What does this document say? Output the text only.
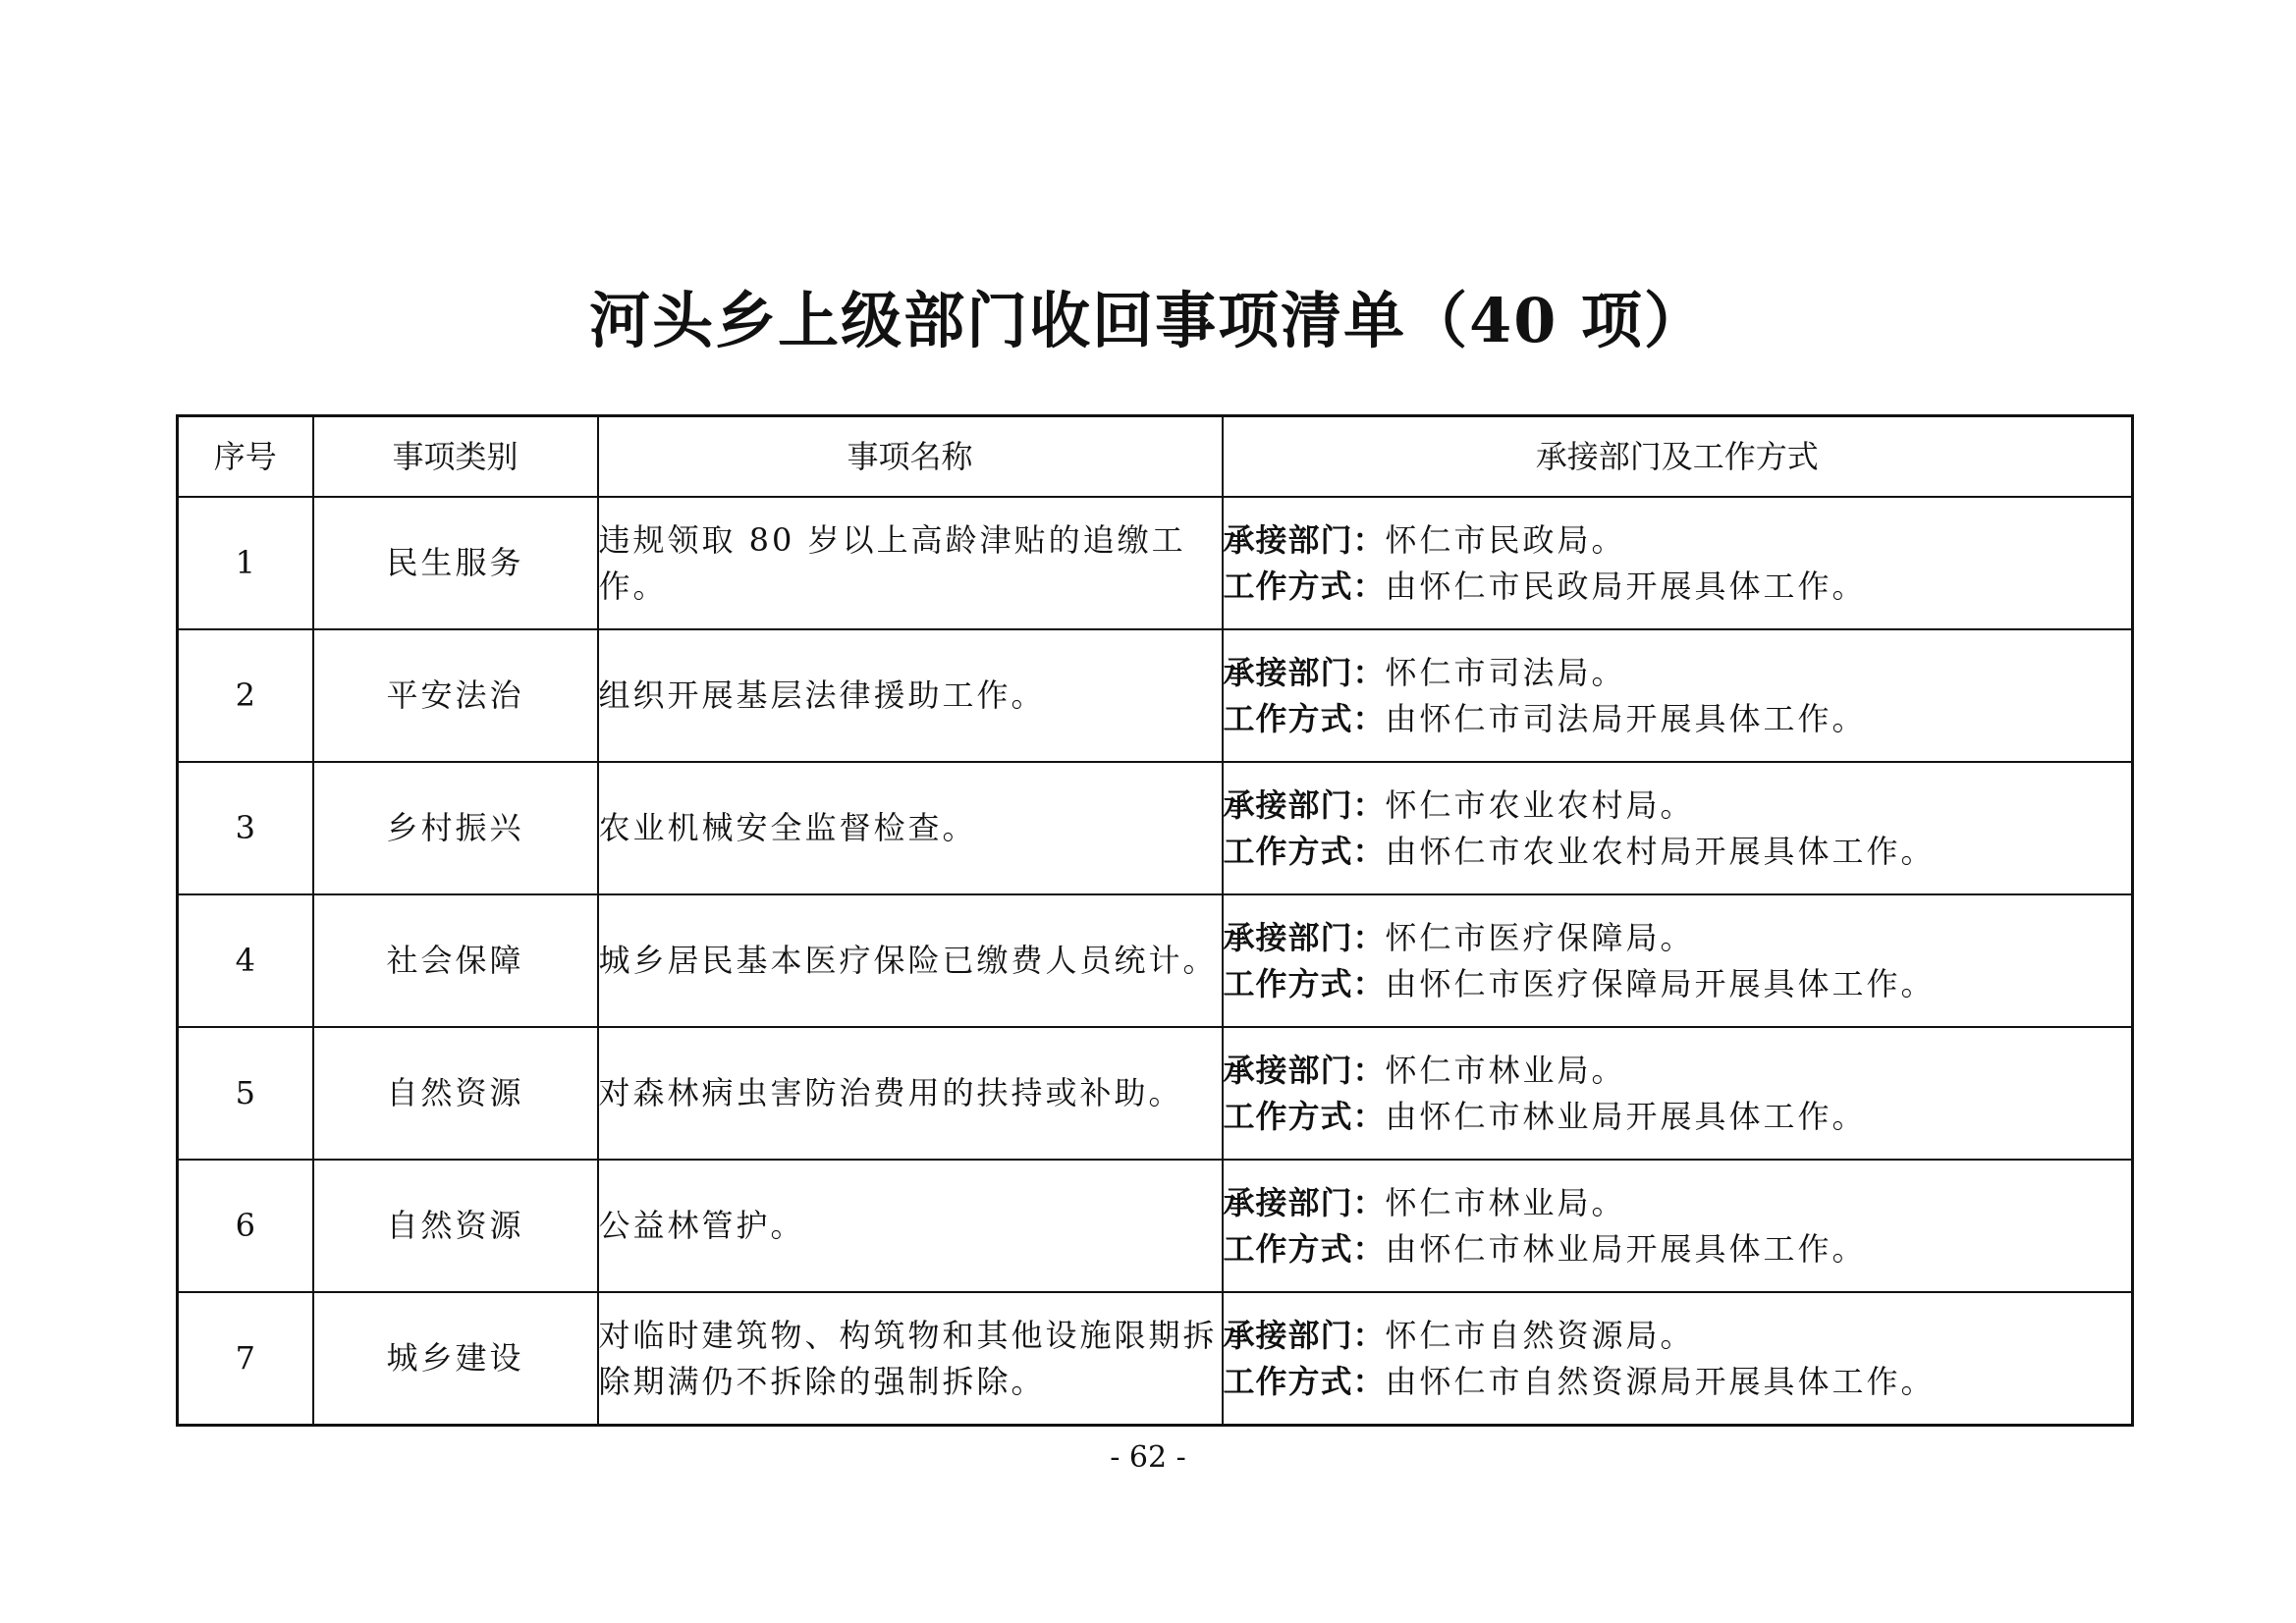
河头乡上级部门收回事项清单（40 项）
序号	事项类别	事项名称	承接部门及工作方式
1	民生服务	违规领取 80 岁以上高龄津贴的追缴工作。	承接部门：怀仁市民政局。
工作方式：由怀仁市民政局开展具体工作。

2	平安法治	组织开展基层法律援助工作。	承接部门：怀仁市司法局。
工作方式：由怀仁市司法局开展具体工作。

3	乡村振兴	农业机械安全监督检查。	承接部门：怀仁市农业农村局。
工作方式：由怀仁市农业农村局开展具体工作。

4	社会保障	城乡居民基本医疗保险已缴费人员统计。	承接部门：怀仁市医疗保障局。
工作方式：由怀仁市医疗保障局开展具体工作。

5	自然资源	对森林病虫害防治费用的扶持或补助。	承接部门：怀仁市林业局。
工作方式：由怀仁市林业局开展具体工作。

6	自然资源	公益林管护。	承接部门：怀仁市林业局。
工作方式：由怀仁市林业局开展具体工作。

7	城乡建设	对临时建筑物、构筑物和其他设施限期拆除期满仍不拆除的强制拆除。	承接部门：怀仁市自然资源局。
工作方式：由怀仁市自然资源局开展具体工作。
- 62 -
